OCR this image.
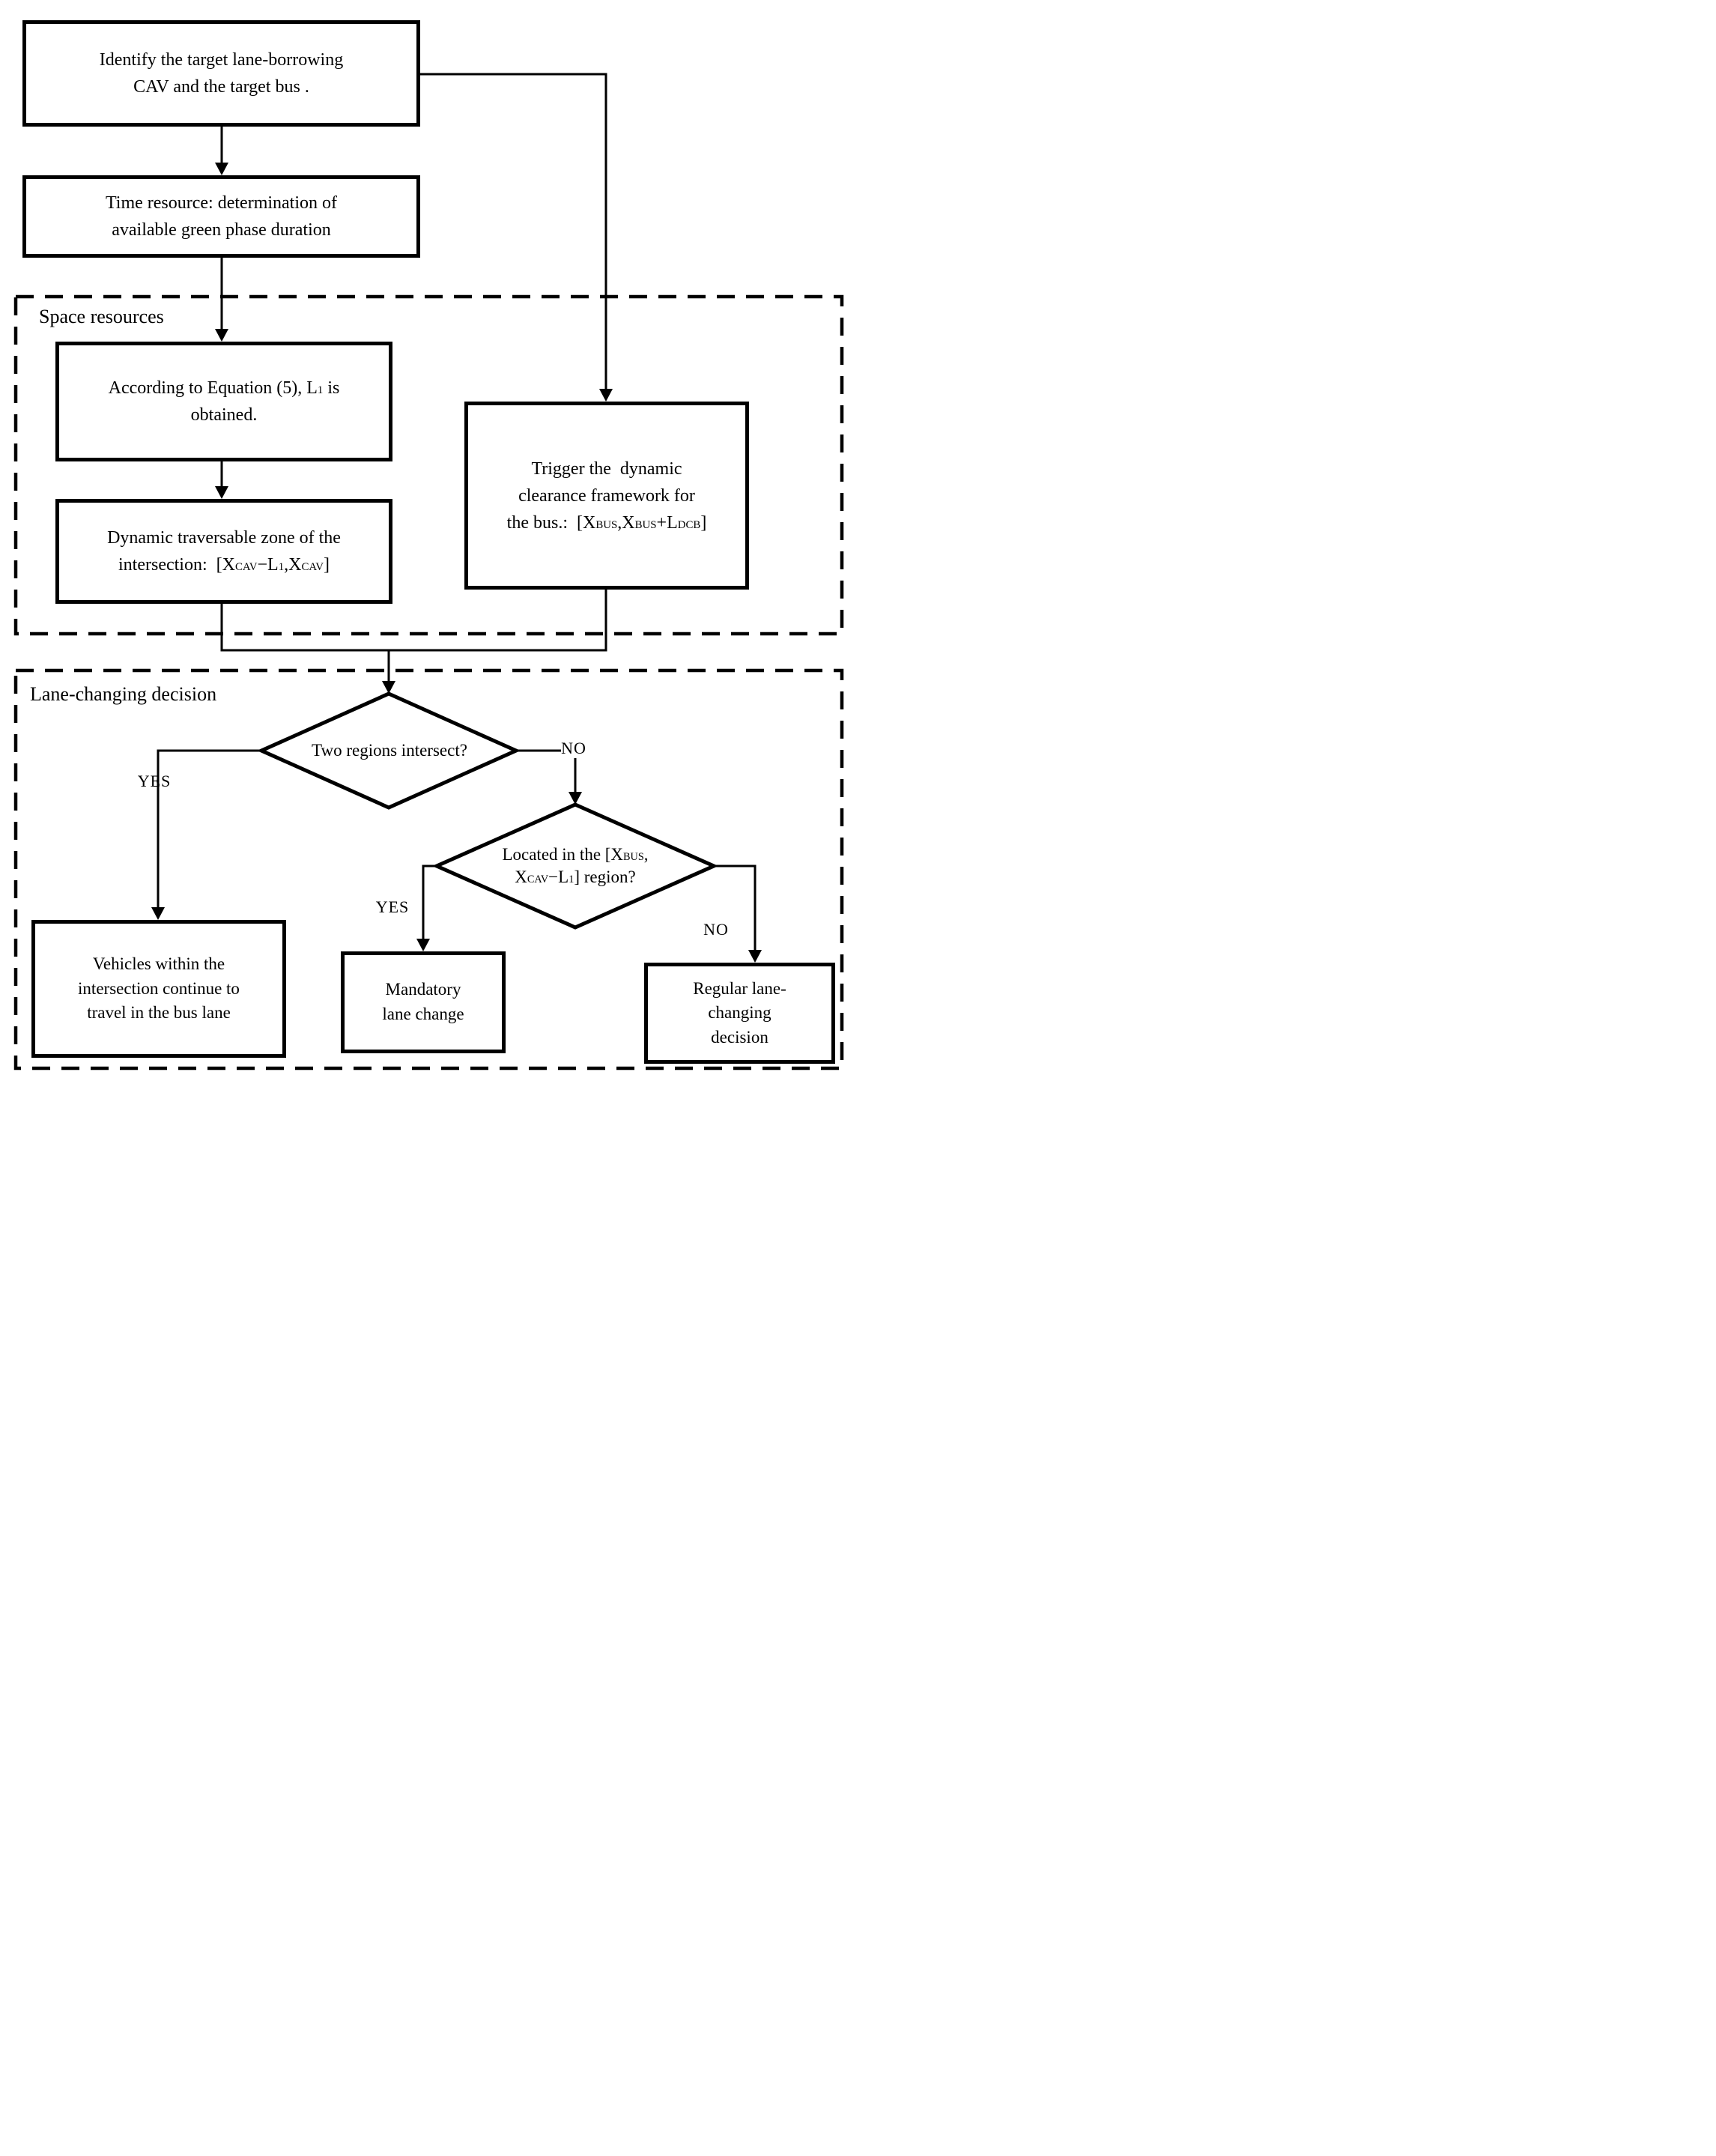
Space resources
Lane-changing decision
Identify the target lane-borrowing
CAV and the target bus .
Time resource: determination of
available green phase duration
According to Equation (5), L1 is
obtained.
Dynamic traversable zone of the
intersection:  [XCAV−L1,XCAV]
Trigger the  dynamic
clearance framework for
the bus.:  [XBUS,XBUS+LDCB]
Vehicles within the
intersection continue to
travel in the bus lane
Mandatory
lane change
Regular lane-
changing
decision
Two regions intersect?
Located in the [XBUS,
XCAV−L1] region?
YES
NO
YES
NO
